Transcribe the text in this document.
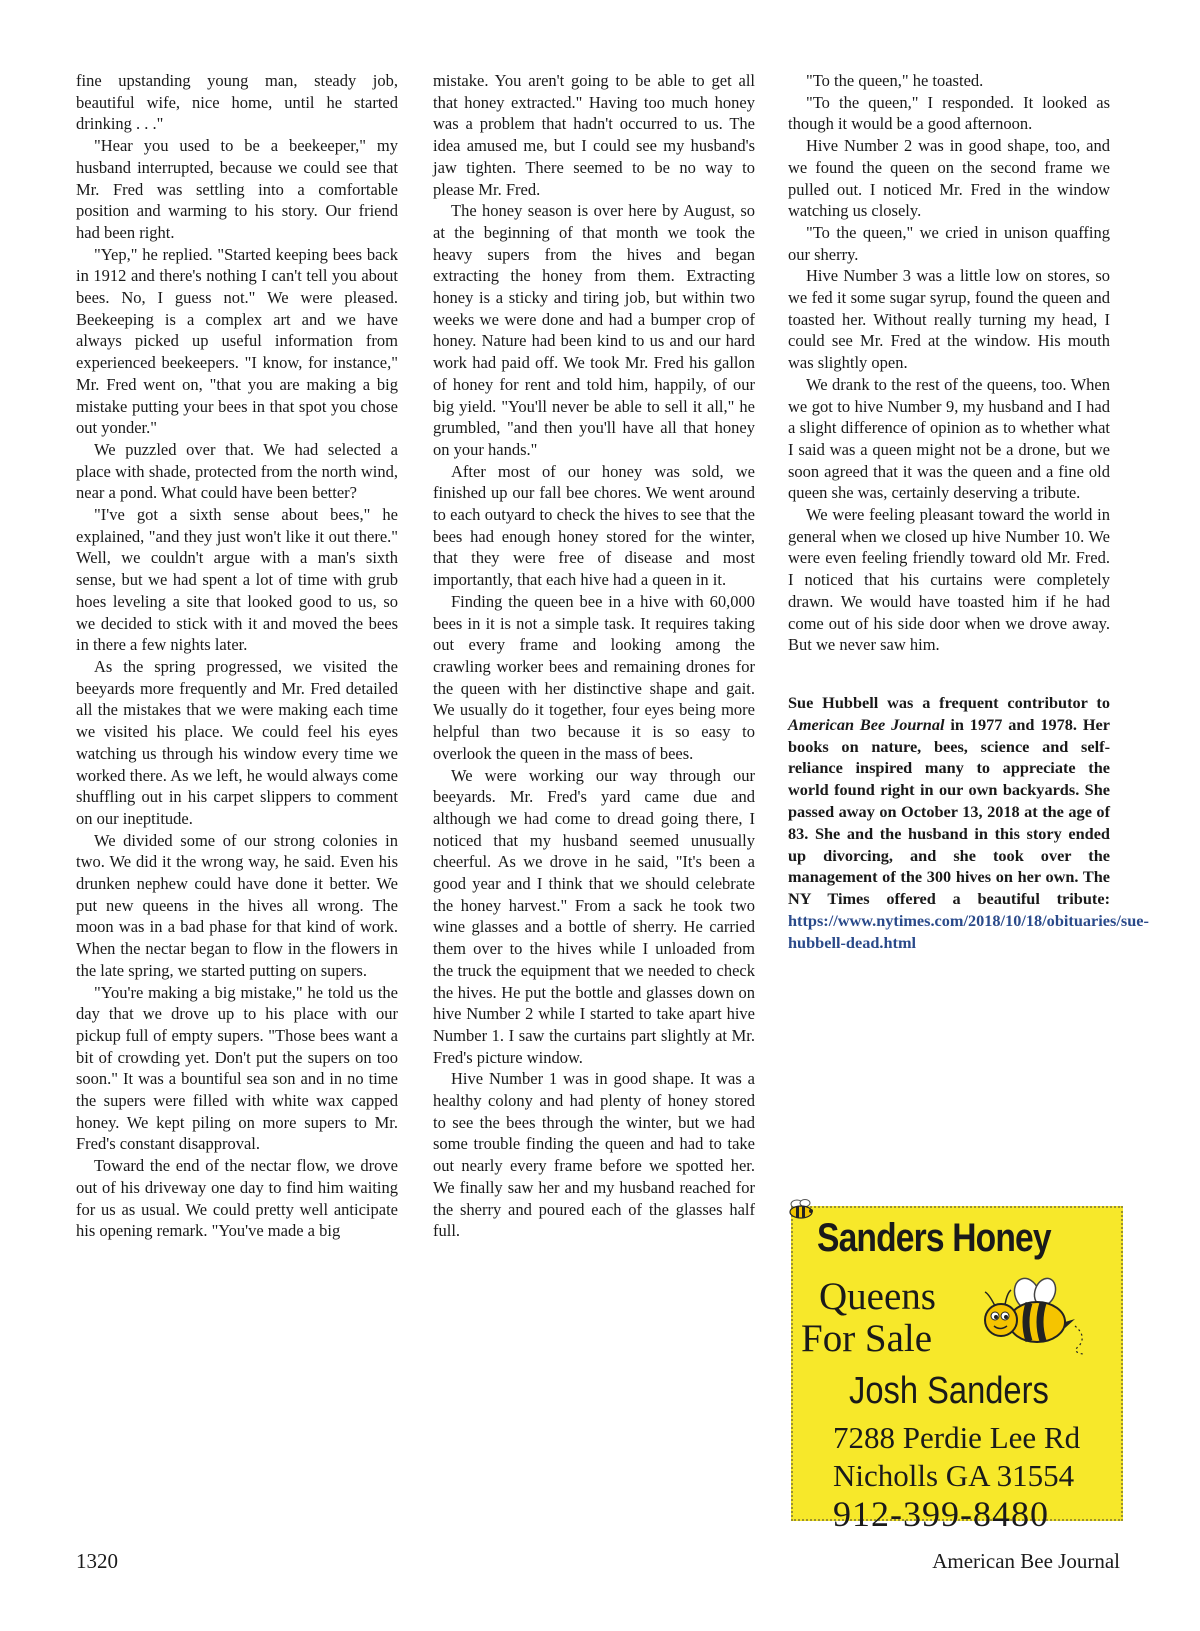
fine upstanding young man, steady job, beautiful wife, nice home, until he started drinking . . ."

"Hear you used to be a beekeeper," my husband interrupted, because we could see that Mr. Fred was settling into a comfortable position and warming to his story. Our friend had been right.

"Yep," he replied. "Started keeping bees back in 1912 and there's nothing I can't tell you about bees. No, I guess not." We were pleased. Beekeeping is a complex art and we have always picked up useful information from experienced beekeepers. "I know, for instance," Mr. Fred went on, "that you are making a big mistake putting your bees in that spot you chose out yonder."

We puzzled over that. We had selected a place with shade, protected from the north wind, near a pond. What could have been better?

"I've got a sixth sense about bees," he explained, "and they just won't like it out there." Well, we couldn't argue with a man's sixth sense, but we had spent a lot of time with grub hoes leveling a site that looked good to us, so we decided to stick with it and moved the bees in there a few nights later.

As the spring progressed, we visited the beeyards more frequently and Mr. Fred detailed all the mistakes that we were making each time we visited his place. We could feel his eyes watching us through his window every time we worked there. As we left, he would always come shuffling out in his carpet slippers to comment on our ineptitude.

We divided some of our strong colonies in two. We did it the wrong way, he said. Even his drunken nephew could have done it better. We put new queens in the hives all wrong. The moon was in a bad phase for that kind of work. When the nectar began to flow in the flowers in the late spring, we started putting on supers.

"You're making a big mistake," he told us the day that we drove up to his place with our pickup full of empty supers. "Those bees want a bit of crowding yet. Don't put the supers on too soon." It was a bountiful sea son and in no time the supers were filled with white wax capped honey. We kept piling on more supers to Mr. Fred's constant disapproval.

Toward the end of the nectar flow, we drove out of his driveway one day to find him waiting for us as usual. We could pretty well anticipate his opening remark. "You've made a big

mistake. You aren't going to be able to get all that honey extracted." Having too much honey was a problem that hadn't occurred to us. The idea amused me, but I could see my husband's jaw tighten. There seemed to be no way to please Mr. Fred.

The honey season is over here by August, so at the beginning of that month we took the heavy supers from the hives and began extracting the honey from them. Extracting honey is a sticky and tiring job, but within two weeks we were done and had a bumper crop of honey. Nature had been kind to us and our hard work had paid off. We took Mr. Fred his gallon of honey for rent and told him, happily, of our big yield. "You'll never be able to sell it all," he grumbled, "and then you'll have all that honey on your hands."

After most of our honey was sold, we finished up our fall bee chores. We went around to each outyard to check the hives to see that the bees had enough honey stored for the winter, that they were free of disease and most importantly, that each hive had a queen in it.

Finding the queen bee in a hive with 60,000 bees in it is not a simple task. It requires taking out every frame and looking among the crawling worker bees and remaining drones for the queen with her distinctive shape and gait. We usually do it together, four eyes being more helpful than two because it is so easy to overlook the queen in the mass of bees.

We were working our way through our beeyards. Mr. Fred's yard came due and although we had come to dread going there, I noticed that my husband seemed unusually cheerful. As we drove in he said, "It's been a good year and I think that we should celebrate the honey harvest." From a sack he took two wine glasses and a bottle of sherry. He carried them over to the hives while I unloaded from the truck the equipment that we needed to check the hives. He put the bottle and glasses down on hive Number 2 while I started to take apart hive Number 1. I saw the curtains part slightly at Mr. Fred's picture window.

Hive Number 1 was in good shape. It was a healthy colony and had plenty of honey stored to see the bees through the winter, but we had some trouble finding the queen and had to take out nearly every frame before we spotted her. We finally saw her and my husband reached for the sherry and poured each of the glasses half full.

"To the queen," he toasted.

"To the queen," I responded. It looked as though it would be a good afternoon.

Hive Number 2 was in good shape, too, and we found the queen on the second frame we pulled out. I noticed Mr. Fred in the window watching us closely.

"To the queen," we cried in unison quaffing our sherry.

Hive Number 3 was a little low on stores, so we fed it some sugar syrup, found the queen and toasted her. Without really turning my head, I could see Mr. Fred at the window. His mouth was slightly open.

We drank to the rest of the queens, too. When we got to hive Number 9, my husband and I had a slight difference of opinion as to whether what I said was a queen might not be a drone, but we soon agreed that it was the queen and a fine old queen she was, certainly deserving a tribute.

We were feeling pleasant toward the world in general when we closed up hive Number 10. We were even feeling friendly toward old Mr. Fred. I noticed that his curtains were completely drawn. We would have toasted him if he had come out of his side door when we drove away. But we never saw him.

Sue Hubbell was a frequent contributor to American Bee Journal in 1977 and 1978. Her books on nature, bees, science and self-reliance inspired many to appreciate the world found right in our own backyards. She passed away on October 13, 2018 at the age of 83. She and the husband in this story ended up divorcing, and she took over the management of the 300 hives on her own. The NY Times offered a beautiful tribute: https://www.nytimes.com/2018/10/18/obituaries/sue-hubbell-dead.html
Sanders Honey
Queens
For Sale
Josh Sanders
7288 Perdie Lee Rd
Nicholls GA 31554
912-399-8480
1320	American Bee Journal
